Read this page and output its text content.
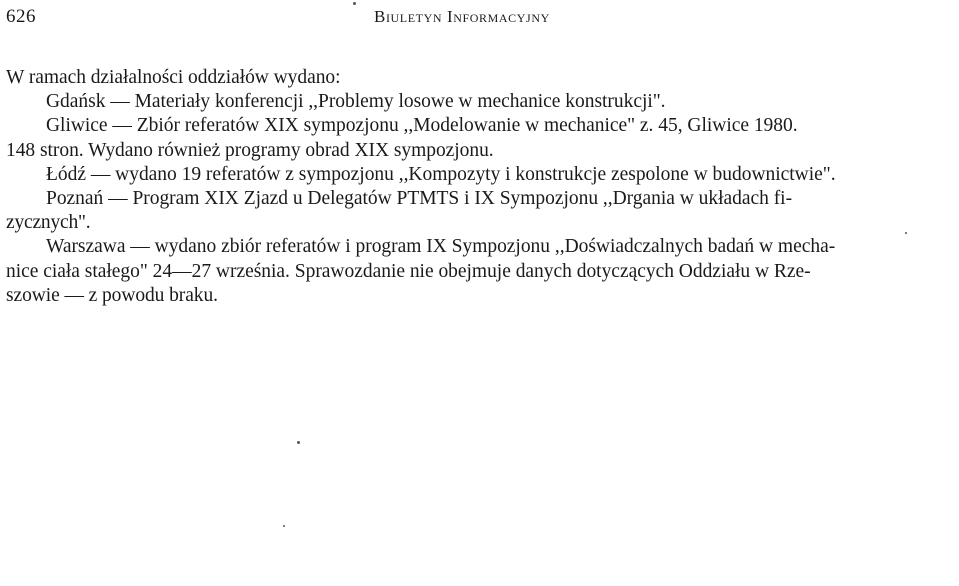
626	Biuletyn Informacyjny
W ramach działalności oddziałów wydano:
Gdańsk — Materiały konferencji ,,Problemy losowe w mechanice konstrukcji".
Gliwice — Zbiór referatów XIX sympozjonu ,,Modelowanie w mechanice" z. 45, Gliwice 1980.
148 stron. Wydano również programy obrad XIX sympozjonu.
Łódź — wydano 19 referatów z sympozjonu ,,Kompozyty i konstrukcje zespolone w budownictwie".
Poznań — Program XIX Zjazd u Delegatów PTMTS i IX Sympozjonu ,,Drgania w układach fi-
zycznych".
Warszawa — wydano zbiór referatów i program IX Sympozjonu ,,Doświadczalnych badań w mecha-
nice ciała stałego" 24—27 września. Sprawozdanie nie obejmuje danych dotyczących Oddziału w Rze-
szowie — z powodu braku.
